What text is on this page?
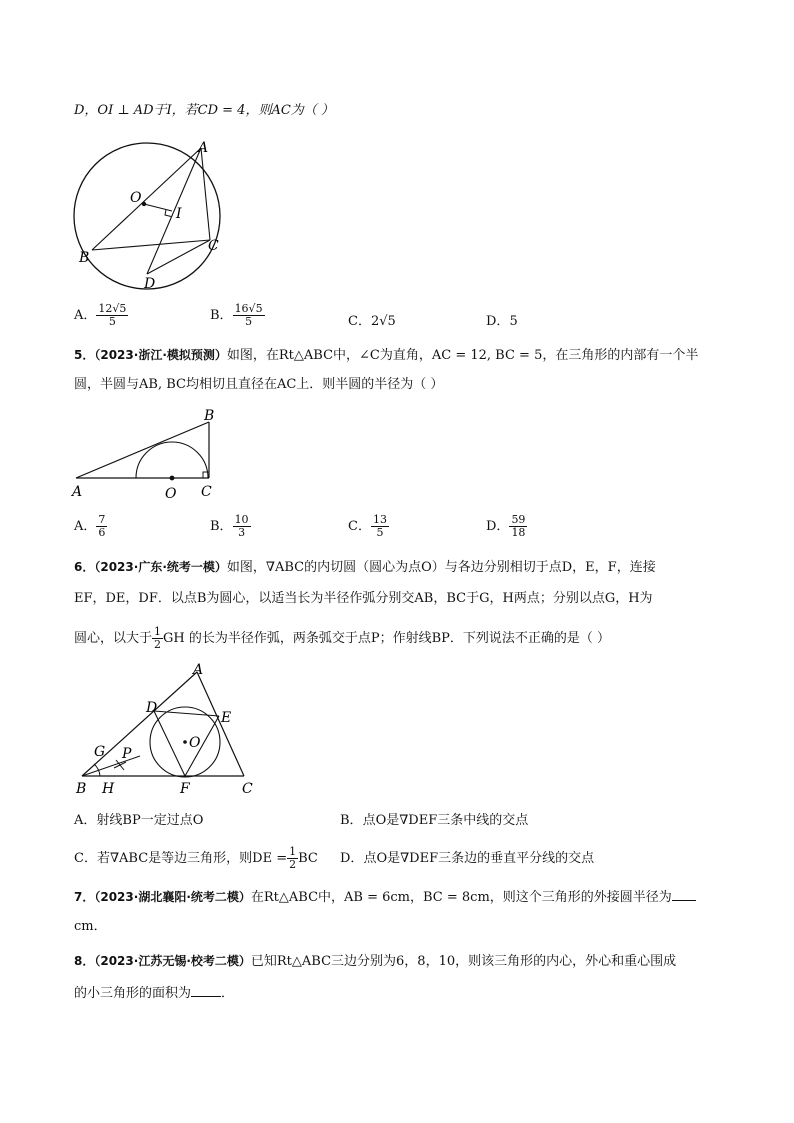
D，OI ⊥ AD于I，若CD = 4，则AC为（ ）
A
O
I
B
C
D
A． $\frac{12√5}{5}$	B． $\frac{16√5}{5}$	C．2√5	D．5
5．（2023·浙江·模拟预测）如图，在Rt△ABC中，∠C为直角，AC = 12, BC = 5，在三角形的内部有一个半
圆，半圆与AB, BC均相切且直径在AC上．则半圆的半径为（ ）
A	O C
B
A． $\frac{7}{6}$	B． $\frac{10}{3}$	C． $\frac{13}{5}$	D． $\frac{59}{18}$
6．（2023·广东·统考一模）如图，∇ABC的内切圆（圆心为点O）与各边分别相切于点D，E，F，连接
EF，DE，DF．以点B为圆心，以适当长为半径作弧分别交AB，BC于G，H两点；分别以点G，H为
圆心，以大于 $\frac{1}{2}$ GH 的长为半径作弧，两条弧交于点P；作射线BP．下列说法不正确的是（ ）
A
D
E
O
G P
B H	F	C
A．射线BP一定过点O	B．点O是∇DEF三条中线的交点
C．若∇ABC是等边三角形，则DE = $\frac{1}{2}$ BC D．点O是∇DEF三条边的垂直平分线的交点
7．（2023·湖北襄阳·统考二模）在Rt△ABC中，AB = 6cm，BC = 8cm，则这个三角形的外接圆半径为
cm．
8．（2023·江苏无锡·校考二模）已知Rt△ABC三边分别为6，8，10，则该三角形的内心，外心和重心围成
的小三角形的面积为 ．
